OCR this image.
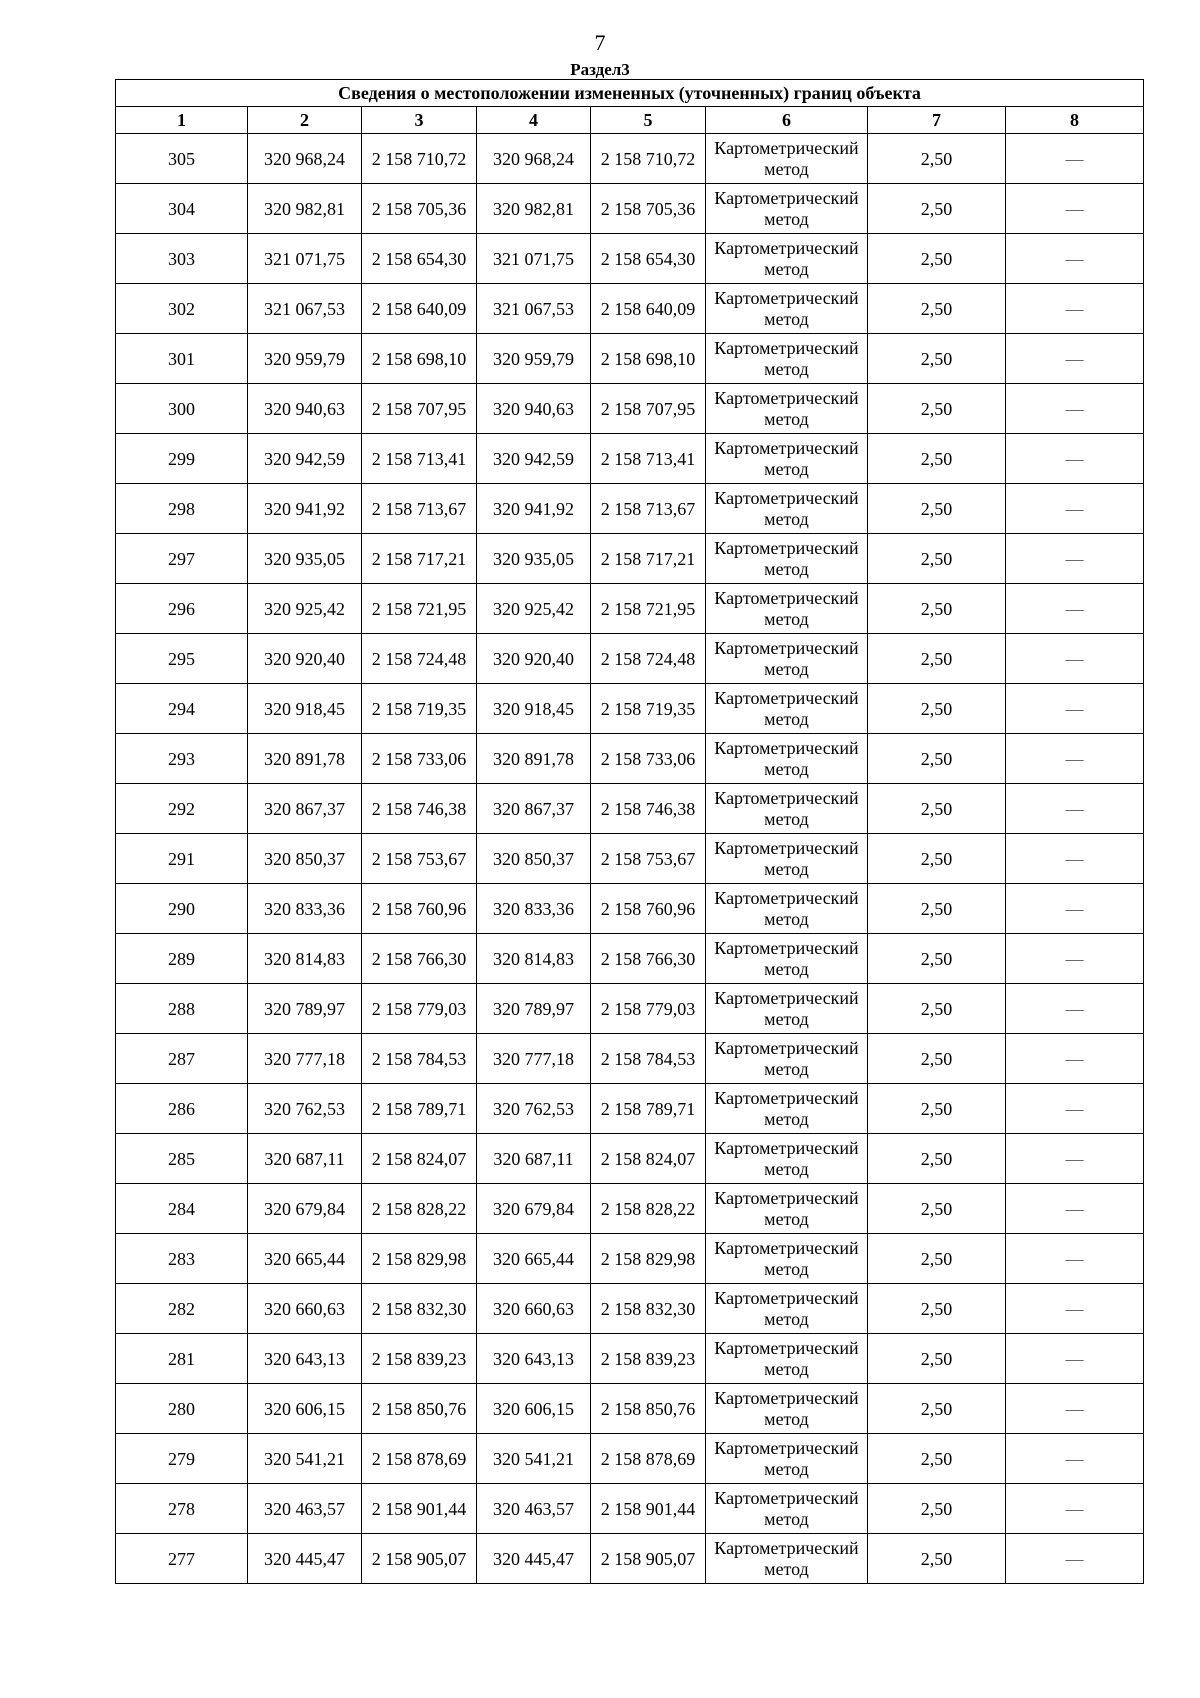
7
Раздел3
Сведения о местоположении измененных (уточненных) границ объекта							
1	2	3	4	5	6	7	8
305	320 968,24	2 158 710,72	320 968,24	2 158 710,72	Картометрический метод	2,50	—
304	320 982,81	2 158 705,36	320 982,81	2 158 705,36	Картометрический метод	2,50	—
303	321 071,75	2 158 654,30	321 071,75	2 158 654,30	Картометрический метод	2,50	—
302	321 067,53	2 158 640,09	321 067,53	2 158 640,09	Картометрический метод	2,50	—
301	320 959,79	2 158 698,10	320 959,79	2 158 698,10	Картометрический метод	2,50	—
300	320 940,63	2 158 707,95	320 940,63	2 158 707,95	Картометрический метод	2,50	—
299	320 942,59	2 158 713,41	320 942,59	2 158 713,41	Картометрический метод	2,50	—
298	320 941,92	2 158 713,67	320 941,92	2 158 713,67	Картометрический метод	2,50	—
297	320 935,05	2 158 717,21	320 935,05	2 158 717,21	Картометрический метод	2,50	—
296	320 925,42	2 158 721,95	320 925,42	2 158 721,95	Картометрический метод	2,50	—
295	320 920,40	2 158 724,48	320 920,40	2 158 724,48	Картометрический метод	2,50	—
294	320 918,45	2 158 719,35	320 918,45	2 158 719,35	Картометрический метод	2,50	—
293	320 891,78	2 158 733,06	320 891,78	2 158 733,06	Картометрический метод	2,50	—
292	320 867,37	2 158 746,38	320 867,37	2 158 746,38	Картометрический метод	2,50	—
291	320 850,37	2 158 753,67	320 850,37	2 158 753,67	Картометрический метод	2,50	—
290	320 833,36	2 158 760,96	320 833,36	2 158 760,96	Картометрический метод	2,50	—
289	320 814,83	2 158 766,30	320 814,83	2 158 766,30	Картометрический метод	2,50	—
288	320 789,97	2 158 779,03	320 789,97	2 158 779,03	Картометрический метод	2,50	—
287	320 777,18	2 158 784,53	320 777,18	2 158 784,53	Картометрический метод	2,50	—
286	320 762,53	2 158 789,71	320 762,53	2 158 789,71	Картометрический метод	2,50	—
285	320 687,11	2 158 824,07	320 687,11	2 158 824,07	Картометрический метод	2,50	—
284	320 679,84	2 158 828,22	320 679,84	2 158 828,22	Картометрический метод	2,50	—
283	320 665,44	2 158 829,98	320 665,44	2 158 829,98	Картометрический метод	2,50	—
282	320 660,63	2 158 832,30	320 660,63	2 158 832,30	Картометрический метод	2,50	—
281	320 643,13	2 158 839,23	320 643,13	2 158 839,23	Картометрический метод	2,50	—
280	320 606,15	2 158 850,76	320 606,15	2 158 850,76	Картометрический метод	2,50	—
279	320 541,21	2 158 878,69	320 541,21	2 158 878,69	Картометрический метод	2,50	—
278	320 463,57	2 158 901,44	320 463,57	2 158 901,44	Картометрический метод	2,50	—
277	320 445,47	2 158 905,07	320 445,47	2 158 905,07	Картометрический метод	2,50	—
